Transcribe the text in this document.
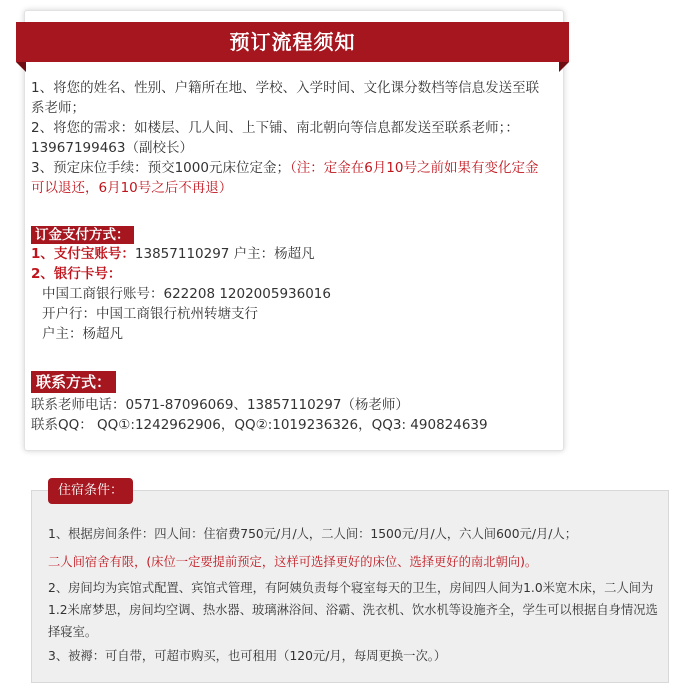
预订流程须知
1、将您的姓名、性别、户籍所在地、学校、入学时间、文化课分数档等信息发送至联
系老师；
2、将您的需求：如楼层、几人间、上下铺、南北朝向等信息都发送至联系老师；：
13967199463（副校长）
3、预定床位手续：预交1000元床位定金；（注：定金在6月10号之前如果有变化定金
可以退还，6月10号之后不再退）
订金支付方式：
1、支付宝账号：13857110297 户主：杨超凡
2、银行卡号：
中国工商银行账号：622208 1202005936016
开户行：中国工商银行杭州转塘支行
户主：杨超凡
联系方式：
联系老师电话：0571-87096069、13857110297（杨老师）
联系QQ： QQ①:1242962906，QQ②:1019236326，QQ3: 490824639
住宿条件：
1、根据房间条件：四人间：住宿费750元/月/人，二人间：1500元/月/人，六人间600元/月/人；
二人间宿舍有限，(床位一定要提前预定，这样可选择更好的床位、选择更好的南北朝向)。
2、房间均为宾馆式配置、宾馆式管理，有阿姨负责每个寝室每天的卫生，房间四人间为1.0米宽木床，二人间为
1.2米席梦思，房间均空调、热水器、玻璃淋浴间、浴霸、洗衣机、饮水机等设施齐全，学生可以根据自身情况选
择寝室。
3、被褥：可自带，可超市购买，也可租用（120元/月，每周更换一次。）
